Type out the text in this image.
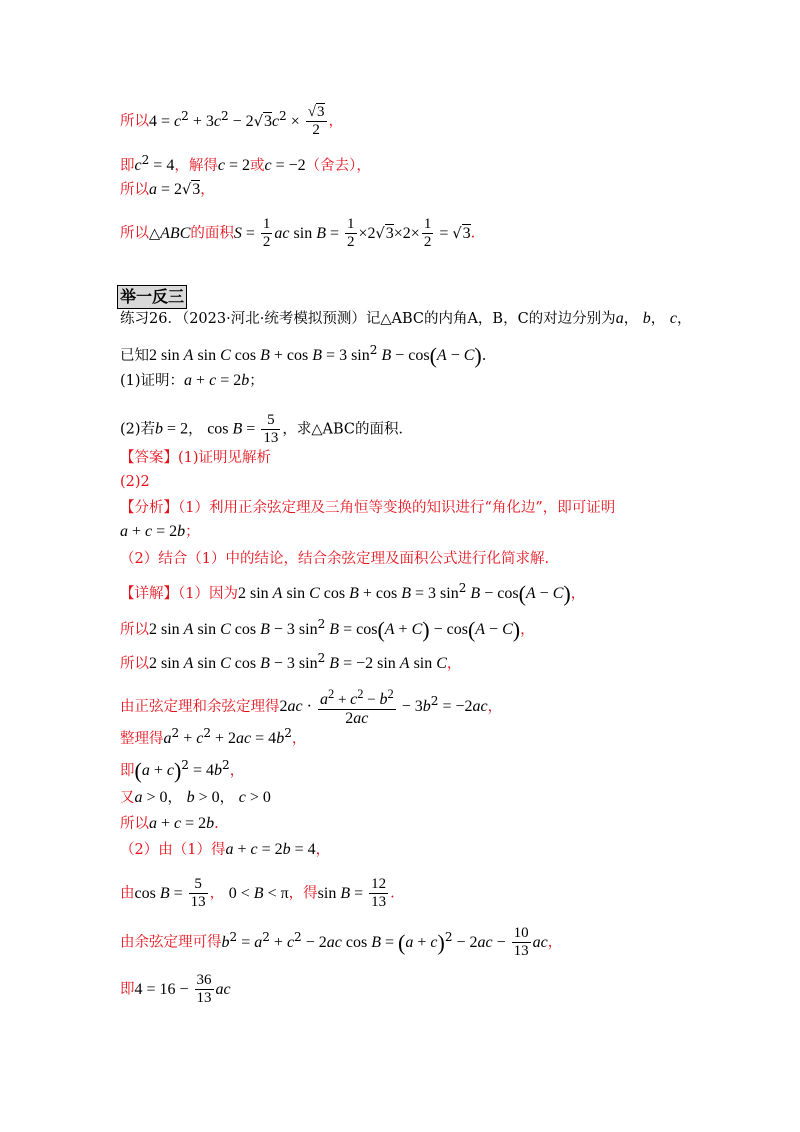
所以$4 = c^2 + 3c^2 - 2√3c^2 \times \frac{√3}{2}$ ，
即$c^2 = 4$，解得c = 2或c = −2（舍去），
所以a = 2√3，
所以△ABC的面积$S = \frac{1}{2}$ ac $\sin B = \frac{1}{2} \times 2√3\times 2\times \frac{1}{2} = √3$.
举一反三
练习26．（2023·河北·统考模拟预测）记△ABC的内角A，B，C的对边分别为a， b， c，
已知2 sin A sin C cos B + cos B = 3 $\sin^2 B - \cos(A - C)$.
(1)证明：a + c = 2b；
(2)若b = 2， $\cos B = \frac{5}{13}$ ，求△ABC的面积．
【答案】(1)证明见解析
(2)2
【分析】（1）利用正余弦定理及三角恒等变换的知识进行“角化边”，即可证明
a + c = 2b；
（2）结合（1）中的结论，结合余弦定理及面积公式进行化简求解.
【详解】（1）因为2 sin A sin C cos B + cos B = 3 $\sin^2 B - \cos(A - C)$，
所以2 sin A sin C cos B − 3 $\sin^2 B = \cos(A + C) - \cos(A - C)$，
所以2 sin A sin C cos B − 3 $\sin^2 B = -2$ sin A sin C，
由正弦定理和余弦定理得$2ac \cdot \frac{a^2 + c^2 - b^2}{2ac} - 3b^2 = -2ac$，
整理得$a^2 + c^2 + 2ac = 4b^2$，
即$(a + c)^2 = 4b^2$，
又a > 0， b > 0， c > 0
所以a + c = 2b.
（2）由（1）得a + c = 2b = 4，
由$\cos B = \frac{5}{13}$ ， 0 < B < π，得$\sin B = \frac{12}{13}$ .
由余弦定理可得$b^2 = a^2 + c^2 - 2ac$ $\cos B = (a + c)^2 - 2ac - \frac{10}{13}$ ac，
即$4 = 16 - \frac{36}{13}$ ac
